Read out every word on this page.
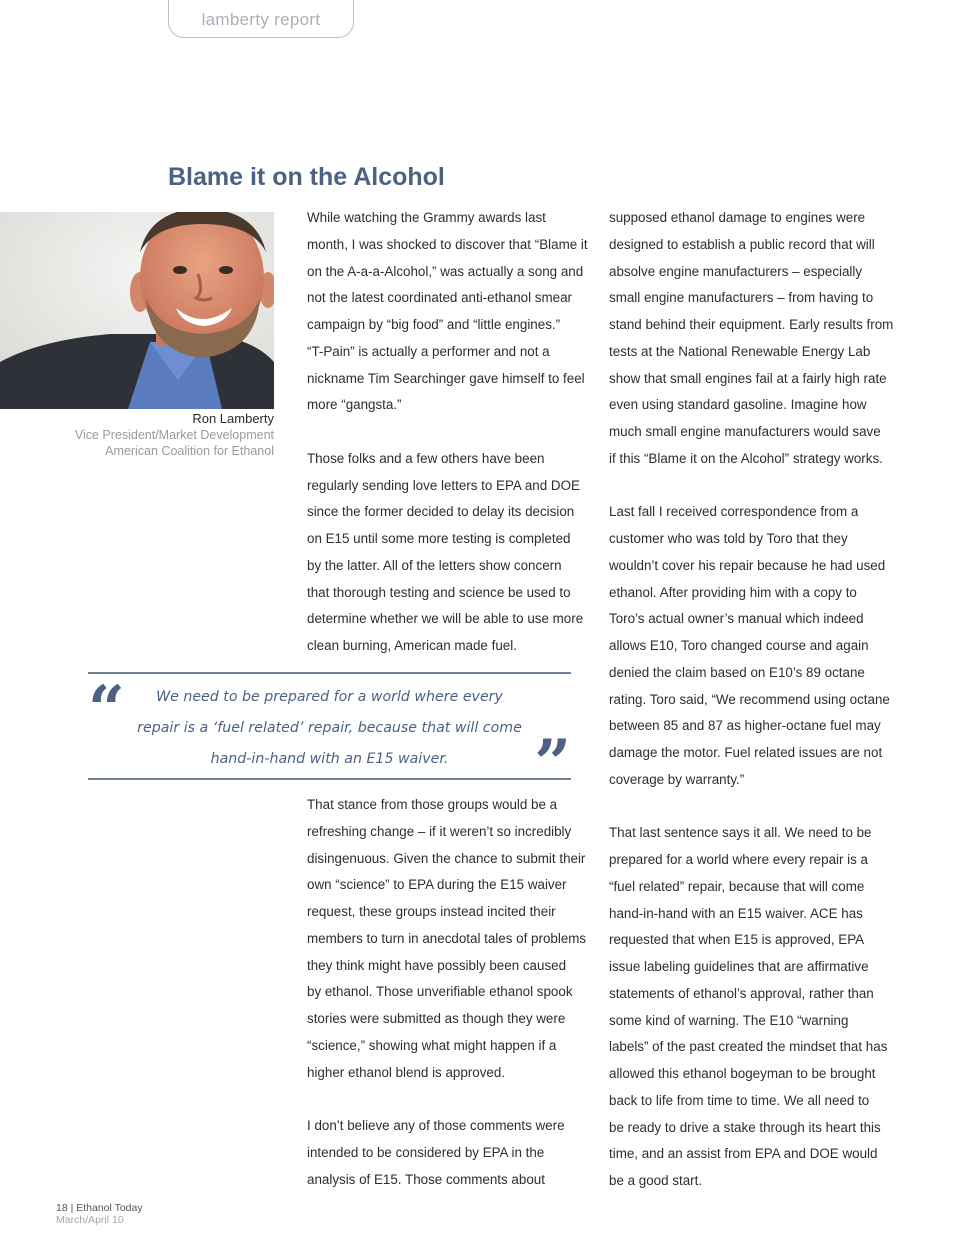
lamberty report
Blame it on the Alcohol
Ron Lamberty
Vice President/Market Development
American Coalition for Ethanol

While watching the Grammy awards last
month, I was shocked to discover that “Blame it
on the A-a-a-Alcohol,” was actually a song and
not the latest coordinated anti-ethanol smear
campaign by “big food” and “little engines.”
“T-Pain” is actually a performer and not a
nickname Tim Searchinger gave himself to feel
more “gangsta.”

Those folks and a few others have been
regularly sending love letters to EPA and DOE
since the former decided to delay its decision
on E15 until some more testing is completed
by the latter. All of the letters show concern
that thorough testing and science be used to
determine whether we will be able to use more
clean burning, American made fuel.

“	We need to be prepared for a world where every
repair is a ‘fuel related’ repair, because that will come
hand-in-hand with an E15 waiver.	”

That stance from those groups would be a
refreshing change – if it weren’t so incredibly
disingenuous. Given the chance to submit their
own “science” to EPA during the E15 waiver
request, these groups instead incited their
members to turn in anecdotal tales of problems
they think might have possibly been caused
by ethanol. Those unverifiable ethanol spook
stories were submitted as though they were
“science,” showing what might happen if a
higher ethanol blend is approved.

I don’t believe any of those comments were
intended to be considered by EPA in the
analysis of E15. Those comments about

supposed ethanol damage to engines were
designed to establish a public record that will
absolve engine manufacturers – especially
small engine manufacturers – from having to
stand behind their equipment. Early results from
tests at the National Renewable Energy Lab
show that small engines fail at a fairly high rate
even using standard gasoline. Imagine how
much small engine manufacturers would save
if this “Blame it on the Alcohol” strategy works.

Last fall I received correspondence from a
customer who was told by Toro that they
wouldn’t cover his repair because he had used
ethanol. After providing him with a copy to
Toro’s actual owner’s manual which indeed
allows E10, Toro changed course and again
denied the claim based on E10’s 89 octane
rating. Toro said, “We recommend using octane
between 85 and 87 as higher-octane fuel may
damage the motor. Fuel related issues are not
coverage by warranty.”

That last sentence says it all. We need to be
prepared for a world where every repair is a
“fuel related” repair, because that will come
hand-in-hand with an E15 waiver. ACE has
requested that when E15 is approved, EPA
issue labeling guidelines that are affirmative
statements of ethanol’s approval, rather than
some kind of warning. The E10 “warning
labels” of the past created the mindset that has
allowed this ethanol bogeyman to be brought
back to life from time to time. We all need to
be ready to drive a stake through its heart this
time, and an assist from EPA and DOE would
be a good start.

18 | Ethanol Today
March/April 10
